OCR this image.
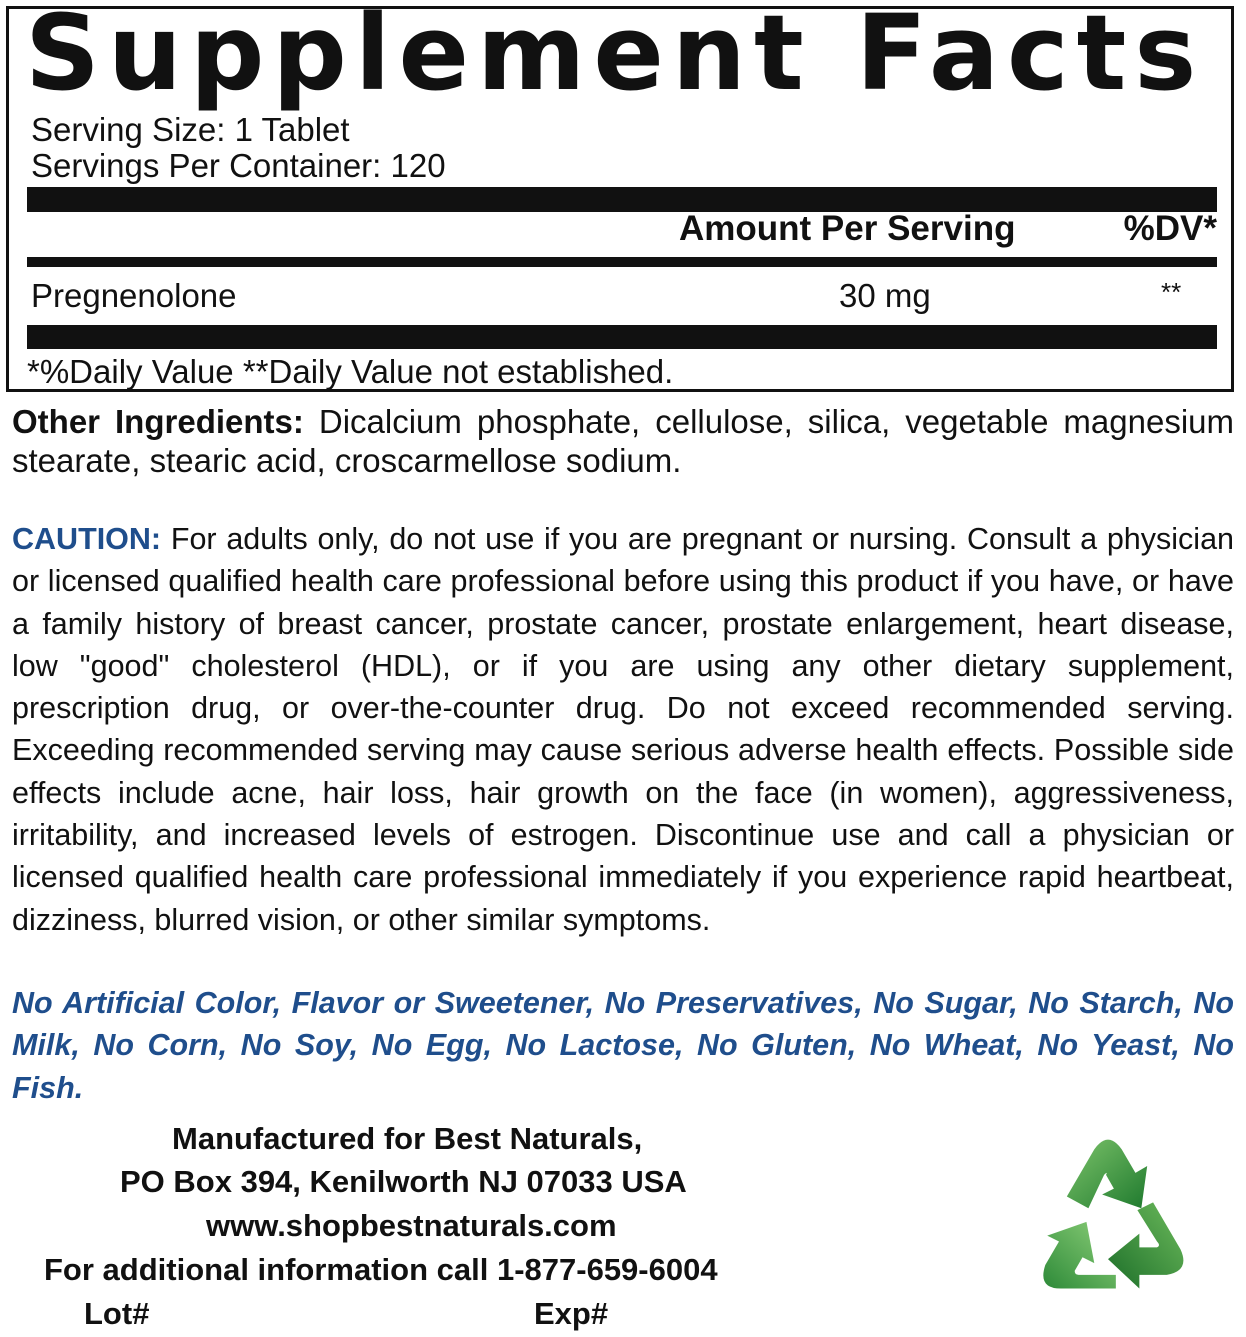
Supplement Facts
Serving Size: 1 Tablet
Servings Per Container: 120
Amount Per Serving	%DV*
Pregnenolone	30 mg	**
*%Daily Value **Daily Value not established.
Other Ingredients: Dicalcium phosphate, cellulose, silica, vegetable magnesium stearate, stearic acid, croscarmellose sodium.
CAUTION: For adults only, do not use if you are pregnant or nursing. Consult a physician or licensed qualified health care professional before using this product if you have, or have a family history of breast cancer, prostate cancer, prostate enlargement, heart disease, low "good" cholesterol (HDL), or if you are using any other dietary supplement, prescription drug, or over-the-counter drug. Do not exceed recommended serving. Exceeding recommended serving may cause serious adverse health effects. Possible side effects include acne, hair loss, hair growth on the face (in women), aggressiveness, irritability, and increased levels of estrogen. Discontinue use and call a physician or licensed qualified health care professional immediately if you experience rapid heartbeat, dizziness, blurred vision, or other similar symptoms.
No Artificial Color, Flavor or Sweetener, No Preservatives, No Sugar, No Starch, No Milk, No Corn, No Soy, No Egg, No Lactose, No Gluten, No Wheat, No Yeast, No Fish.
Manufactured for Best Naturals,
PO Box 394, Kenilworth NJ 07033 USA
www.shopbestnaturals.com
For additional information call 1-877-659-6004
Lot#	Exp#
